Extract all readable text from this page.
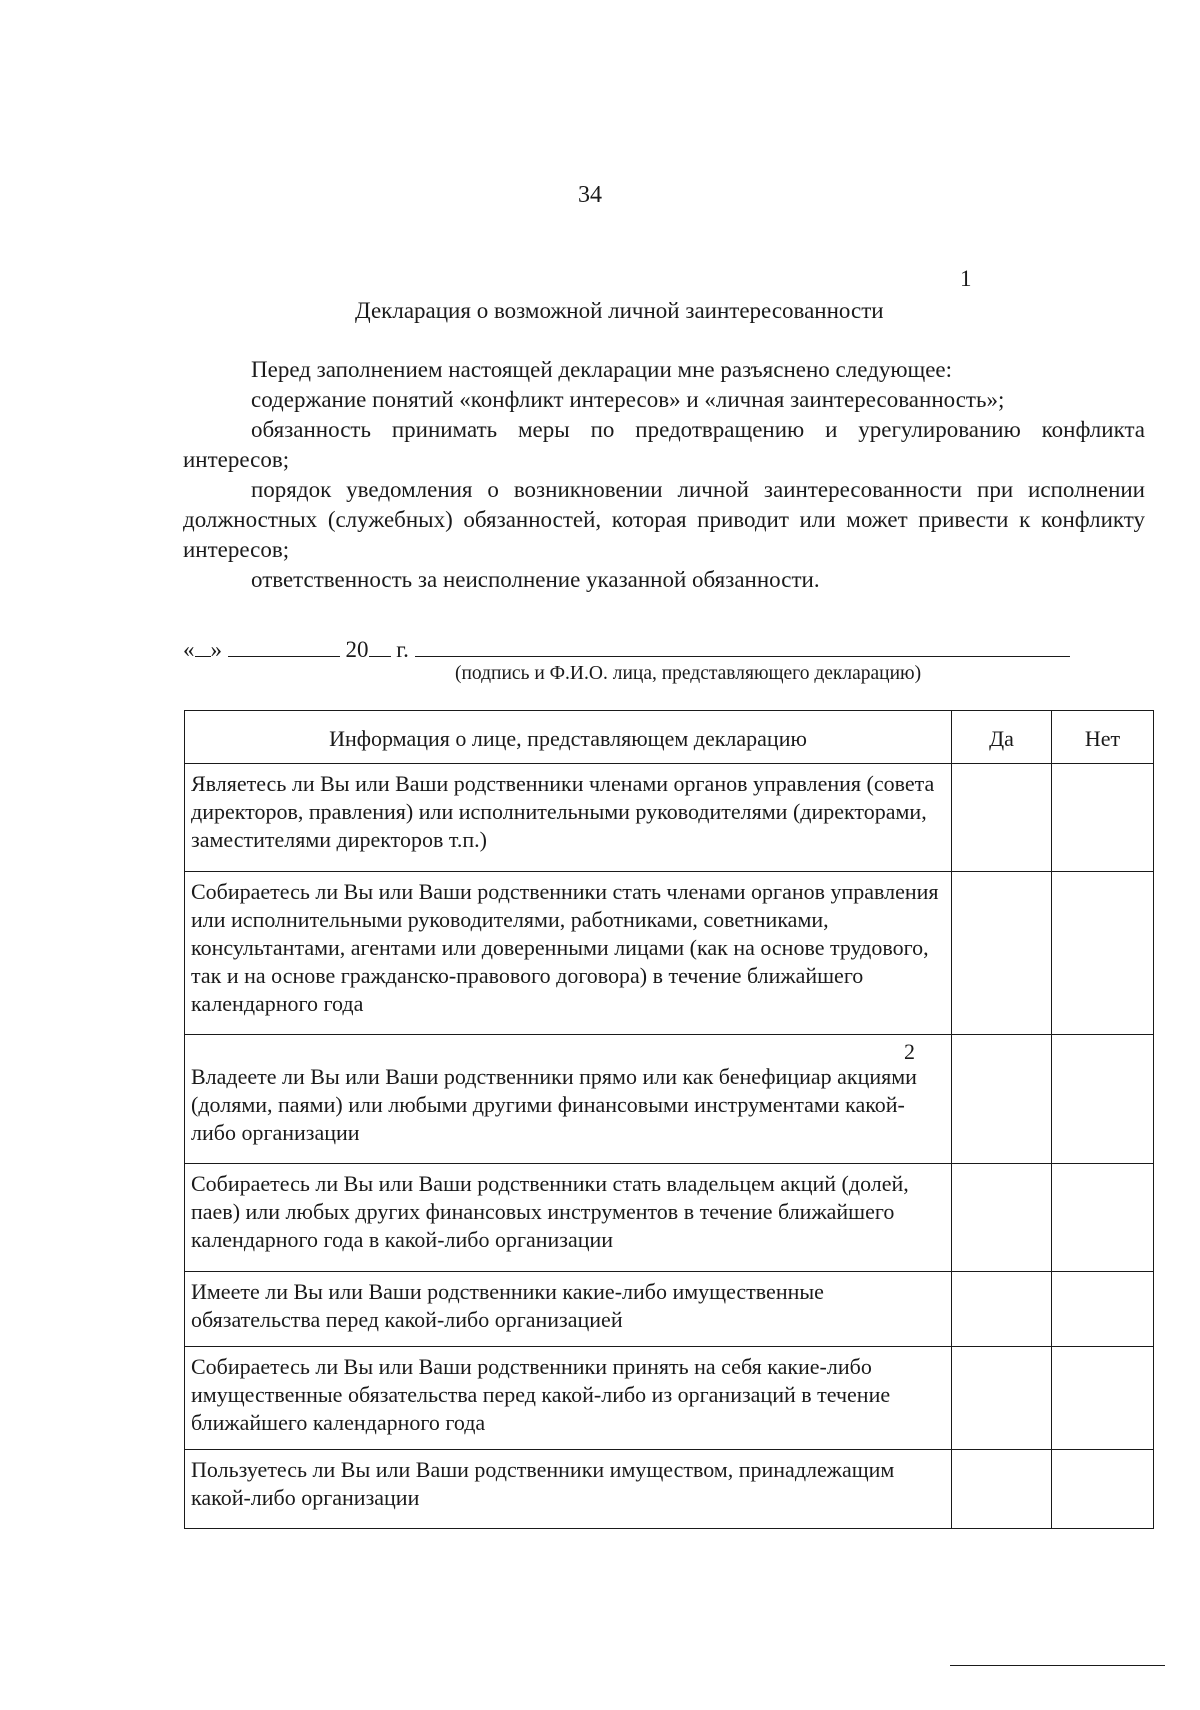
34
1
Декларация о возможной личной заинтересованности

Перед заполнением настоящей декларации мне разъяснено следующее:

содержание понятий «конфликт интересов» и «личная заинтересованность»;

обязанность принимать меры по предотвращению и урегулированию конфликта интересов;

порядок уведомления о возникновении личной заинтересованности при исполнении должностных (служебных) обязанностей, которая приводит или может привести к конфликту интересов;

ответственность за неисполнение указанной обязанности.

« »	20 г.
(подпись и Ф.И.О. лица, представляющего декларацию)
Информация о лице, представляющем декларацию	Да	Нет
Являетесь ли Вы или Ваши родственники членами органов управления (совета директоров, правления) или исполнительными руководителями (директорами, заместителями директоров т.п.)		
Собираетесь ли Вы или Ваши родственники стать членами органов управления или исполнительными руководителями, работниками, советниками, консультантами, агентами или доверенными лицами (как на основе трудового, так и на основе гражданско-правового договора) в течение ближайшего календарного года		

2
Владеете ли Вы или Ваши родственники прямо или как бенефициар акциями (долями, паями) или любыми другими финансовыми инструментами какой-либо организации		
Собираетесь ли Вы или Ваши родственники стать владельцем акций (долей, паев) или любых других финансовых инструментов в течение ближайшего календарного года в какой-либо организации		
Имеете ли Вы или Ваши родственники какие-либо имущественные обязательства перед какой-либо организацией		
Собираетесь ли Вы или Ваши родственники принять на себя какие-либо имущественные обязательства перед какой-либо из организаций в течение ближайшего календарного года		
Пользуетесь ли Вы или Ваши родственники имуществом, принадлежащим какой-либо организации		
